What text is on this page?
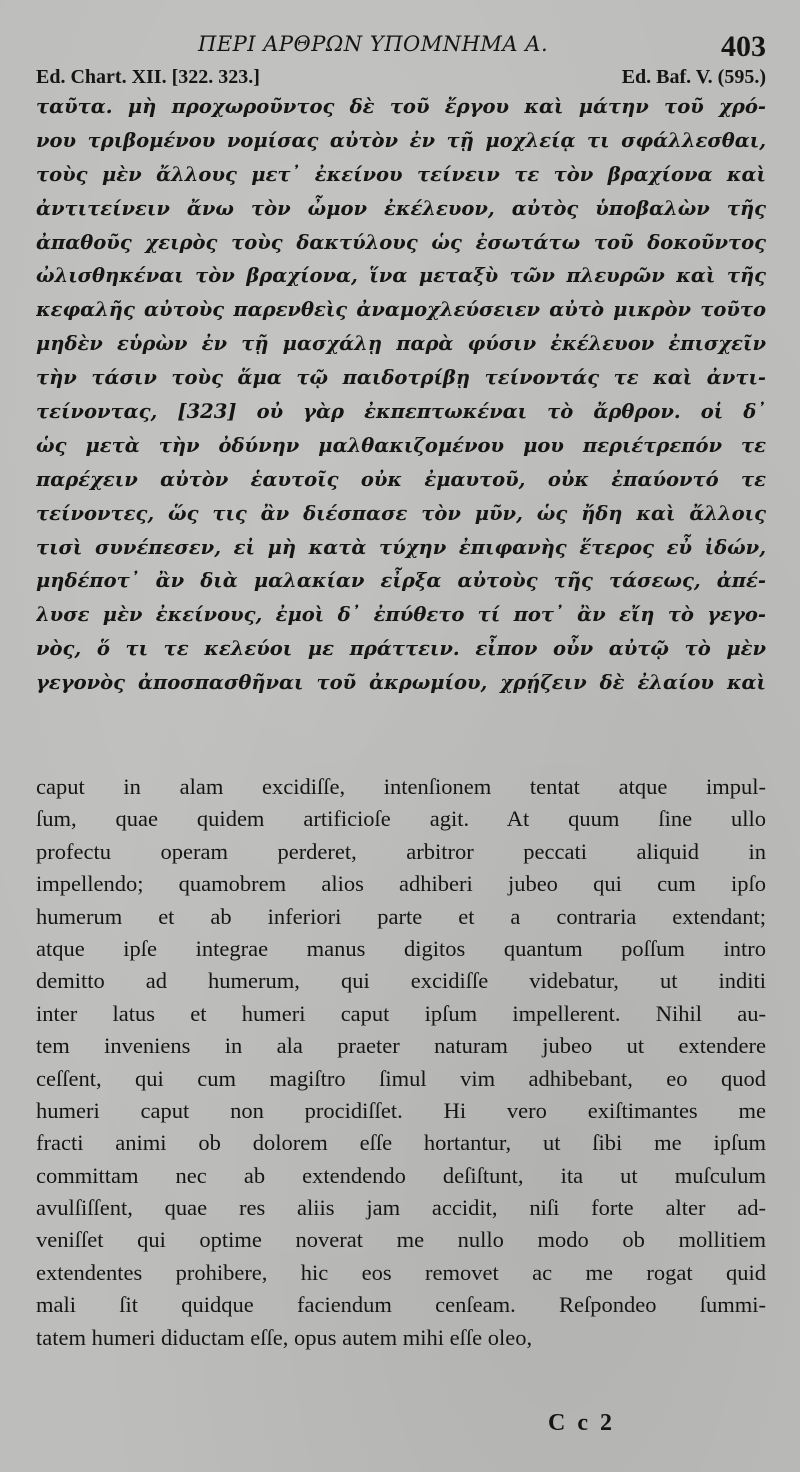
ΠΕΡΙ ΑΡΘΡΩΝ ΥΠΟΜΝΗΜΑ Α.	403
Ed. Chart. XII. [322. 323.]	Ed. Baf. V. (595.)
ταῦτα. μὴ προχωροῦντος δὲ τοῦ ἔργου καὶ μάτην τοῦ χρό-
νου τριβομένου νομίσας αὐτὸν ἐν τῇ μοχλείᾳ τι σφάλλεσθαι,
τοὺς μὲν ἄλλους μετ᾽ ἐκείνου τείνειν τε τὸν βραχίονα καὶ
ἀντιτείνειν ἄνω τὸν ὦμον ἐκέλευον, αὐτὸς ὑποβαλὼν τῆς
ἀπαθοῦς χειρὸς τοὺς δακτύλους ὡς ἐσωτάτω τοῦ δοκοῦντος
ὠλισθηκέναι τὸν βραχίονα, ἵνα μεταξὺ τῶν πλευρῶν καὶ τῆς
κεφαλῆς αὐτοὺς παρενθεὶς ἀναμοχλεύσειεν αὐτὸ μικρὸν τοῦτο
μηδὲν εὑρὼν ἐν τῇ μασχάλῃ παρὰ φύσιν ἐκέλευον ἐπισχεῖν
τὴν τάσιν τοὺς ἅμα τῷ παιδοτρίβῃ τείνοντάς τε καὶ ἀντι-
τείνοντας, [323] οὐ γὰρ ἐκπεπτωκέναι τὸ ἄρθρον. οἱ δ᾽
ὡς μετὰ τὴν ὀδύνην μαλθακιζομένου μου περιέτρεπόν τε
παρέχειν αὐτὸν ἑαυτοῖς οὐκ ἐμαυτοῦ, οὐκ ἐπαύοντό τε
τείνοντες, ὥς τις ἂν διέσπασε τὸν μῦν, ὡς ἤδη καὶ ἄλλοις
τισὶ συνέπεσεν, εἰ μὴ κατὰ τύχην ἐπιφανὴς ἕτερος εὖ ἰδών,
μηδέποτ᾽ ἂν διὰ μαλακίαν εἶρξα αὐτοὺς τῆς τάσεως, ἀπέ-
λυσε μὲν ἐκείνους, ἐμοὶ δ᾽ ἐπύθετο τί ποτ᾽ ἂν εἴη τὸ γεγο-
νὸς, ὅ τι τε κελεύοι με πράττειν. εἶπον οὖν αὐτῷ τὸ μὲν
γεγονὸς ἀποσπασθῆναι τοῦ ἀκρωμίου, χρῄζειν δὲ ἐλαίου καὶ
caput in alam excidiſſe, intenſionem tentat atque impul-
ſum, quae quidem artificioſe agit. At quum ſine ullo
profectu operam perderet, arbitror peccati aliquid in
impellendo; quamobrem alios adhiberi jubeo qui cum ipſo
humerum et ab inferiori parte et a contraria extendant;
atque ipſe integrae manus digitos quantum poſſum intro
demitto ad humerum, qui excidiſſe videbatur, ut inditi
inter latus et humeri caput ipſum impellerent. Nihil au-
tem inveniens in ala praeter naturam jubeo ut extendere
ceſſent, qui cum magiſtro ſimul vim adhibebant, eo quod
humeri caput non procidiſſet. Hi vero exiſtimantes me
fracti animi ob dolorem eſſe hortantur, ut ſibi me ipſum
committam nec ab extendendo deſiſtunt, ita ut muſculum
avulſiſſent, quae res aliis jam accidit, niſi forte alter ad-
veniſſet qui optime noverat me nullo modo ob mollitiem
extendentes prohibere, hic eos removet ac me rogat quid
mali ſit quidque faciendum cenſeam. Reſpondeo ſummi-
tatem humeri diductam eſſe, opus autem mihi eſſe oleo,
C c 2
